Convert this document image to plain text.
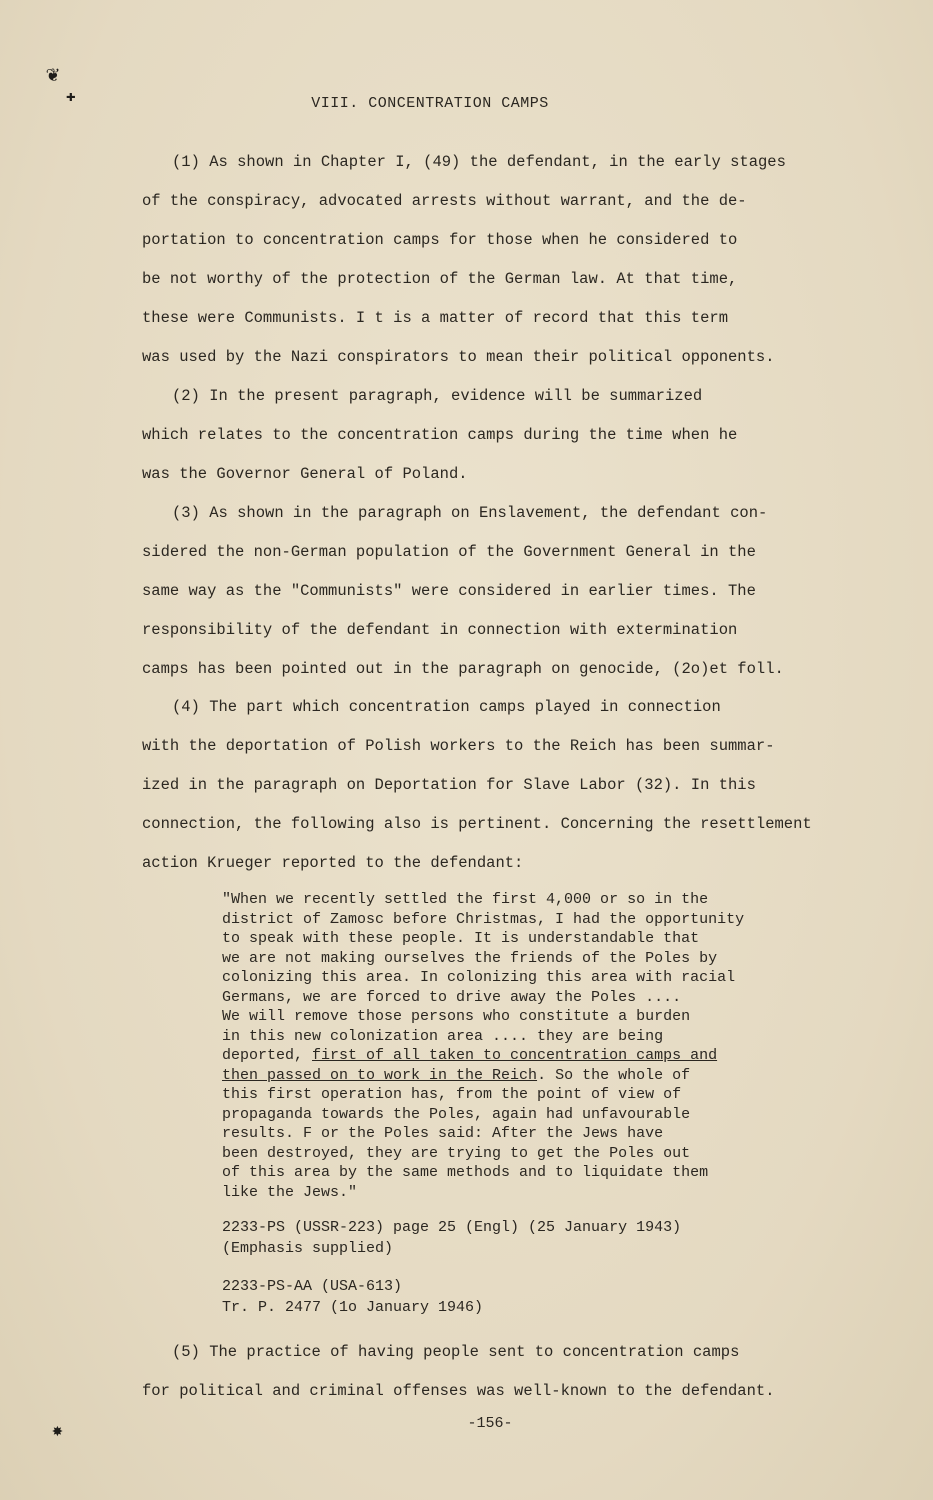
❦
✚
✸
VIII. CONCENTRATION CAMPS
(1) As shown in Chapter I, (49) the defendant, in the early stages
of the conspiracy, advocated arrests without warrant, and the de-
portation to concentration camps for those when he considered to
be not worthy of the protection of the German law. At that time,
these were Communists. I t is a matter of record that this term
was used by the Nazi conspirators to mean their political opponents.
(2) In the present paragraph, evidence will be summarized
which relates to the concentration camps during the time when he
was the Governor General of Poland.
(3) As shown in the paragraph on Enslavement, the defendant con-
sidered the non-German population of the Government General in the
same way as the "Communists" were considered in earlier times. The
responsibility of the defendant in connection with extermination
camps has been pointed out in the paragraph on genocide, (2o)et foll.
(4) The part which concentration camps played in connection
with the deportation of Polish workers to the Reich has been summar-
ized in the paragraph on Deportation for Slave Labor (32). In this
connection, the following also is pertinent. Concerning the resettlement
action Krueger reported to the defendant:
"When we recently settled the first 4,000 or so in the
district of Zamosc before Christmas, I had the opportunity
to speak with these people. It is understandable that
we are not making ourselves the friends of the Poles by
colonizing this area. In colonizing this area with racial
Germans, we are forced to drive away the Poles ....
We will remove those persons who constitute a burden
in this new colonization area .... they are being
deported, first of all taken to concentration camps and
then passed on to work in the Reich. So the whole of
this first operation has, from the point of view of
propaganda towards the Poles, again had unfavourable
results. F or the Poles said: After the Jews have
been destroyed, they are trying to get the Poles out
of this area by the same methods and to liquidate them
like the Jews."
2233-PS (USSR-223) page 25 (Engl) (25 January 1943)
(Emphasis supplied)
2233-PS-AA (USA-613)
Tr. P. 2477 (1o January 1946)
(5) The practice of having people sent to concentration camps
for political and criminal offenses was well-known to the defendant.
-156-
